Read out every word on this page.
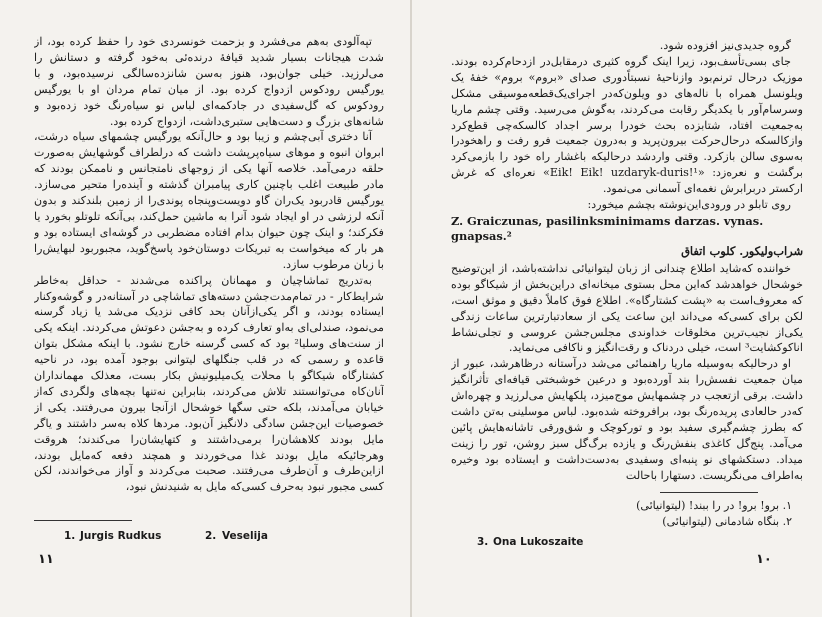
تپه‌آلودی به‌هم می‌فشرد و بزحمت خونسردی خود را حفظ کرده بود، از شدت هیجانات بسیار شدید قیافهٔ درنده‌ئی به‌خود گرفته و دستانش را می‌لرزید. خیلی جوان‌بود، هنوز به‌سن شانزده‌سالگی نرسیده‌بود، و با یورگیس رودکوس ازدواج کرده بود. از میان تمام مردان او با یورگیس رودکوس که گل‌سفیدی در جادکمه‌ای لباس نو سیاه‌رنگ خود زده‌بود و شانه‌های بزرگ و دست‌هایی ستبری‌داشت، ازدواج کرده بود.

آنا دختری آبی‌چشم و زیبا بود و حال‌آنکه یورگیس چشمهای سیاه درشت، ابروان انبوه و موهای سیاه‌پرپشت داشت که درلطراف گوشهایش به‌صورت حلقه درمی‌آمد. خلاصه آنها یکی از زوجهای نامتجانس و ناممکن بودند که مادر طبیعت اغلب باچنین کاری پیامبران گذشته و آینده‌را متحیر می‌سازد. یورگیس قادربود یک‌ران گاو دویست‌وپنجاه پوندی‌را از زمین بلندکند و بدون آنکه لرزشی در او ایجاد شود آنرا به ماشین حمل‌کند، بی‌آنکه تلوتلو بخورد یا فکرکند؛ و اینک چون حیوان بدام افتاده مضطربی در گوشه‌ای ایستاده بود و هر بار که میخواست به تبریکات دوستان‌خود پاسخ‌گوید، مجبوربود لبهایش‌را با زبان مرطوب سازد.

به‌تدریج تماشاچیان و مهمانان پراکنده می‌شدند - حداقل به‌خاطر شرایط‌کار - در تمام‌مدت‌جشن دسته‌های تماشاچی در آستانه‌در و گوشه‌وکنار ایستاده بودند، و اگر یکی‌ازآنان بحد کافی نزدیک می‌شد یا زیاد گرسنه می‌نمود، صندلی‌ای به‌او تعارف کرده و به‌جشن دعوتش می‌کردند. اینکه یکی از سنت‌های وسلیا² بود که کسی گرسنه خارج نشود. با اینکه مشکل بتوان قاعده و رسمی که در قلب جنگلهای لیتوانی بوجود آمده بود، در ناحیه کشتارگاه شیکاگو با محلات یک‌میلیونیش بکار بست، معذلک مهمانداران آنان‌کاه می‌توانستند تلاش می‌کردند، بنابراین نه‌تنها بچه‌های ولگردی که‌از خیابان می‌آمدند، بلکه حتی سگها خوشحال ازآنجا بیرون می‌رفتند. یکی از خصوصیات این‌جشن سادگی دلانگیز آن‌بود. مردها کلاه به‌سر داشتند و یاگر مایل بودند کلاهشان‌را برمی‌داشتند و کتهایشان‌را می‌کندند؛ هروقت وهرجائیکه مایل بودند غذا می‌خوردند و همچند دفعه که‌مایل بودند، ازاین‌طرف و آن‌طرف می‌رفتند. صحبت می‌کردند و آواز می‌خواندند، لکن کسی مجبور نبود به‌حرف کسی‌که مایل به شنیدنش نبود،

1. Jurgis Rudkus	2. Veselija
۱۱

گروه جدیدی‌نیز افزوده شود.

جای بسی‌تأسف‌بود، زیرا اینک گروه کثیری درمقابل‌در ازدحام‌کرده بودند. موزیک درحال ترنم‌بود وازناحیهٔ نسبتاًدوری صدای «بروم» بروم» خفهٔ یک ویلونسل همراه با ناله‌های دو ویلون‌که‌در اجرای‌یک‌قطعه‌موسیقی مشکل وسرسام‌آور با یکدیگر رقابت می‌کردند، به‌گوش می‌رسید. وقتی چشم ماریا به‌جمعیت افتاد، شتابزده بحث خودرا برسر اجداد کالسکه‌چی قطع‌کرد وازکالسکه درحال‌حرکت بیرون‌پرید و به‌درون جمعیت فرو رفت و راهخودرا به‌سوی سالن بازکرد. وقتی واردشد درحالیکه باغشار راه خود را بازمی‌کرد برگشت و نعره‌زد: «Eik! Eik! uzdaryk-duris!¹» نعره‌ای که غرش ارکستر دربرابرش نغمه‌ای آسمانی می‌نمود.

روی تابلو در ورودی‌این‌نوشته بچشم میخورد:

Z. Graiczunas, pasilinksminimams darzas. vynas. gnapsas.²

شراب‌ولیکور. کلوب اتفاق

خواننده که‌شاید اطلاع چندانی از زبان لیتوانیائی نداشته‌باشد، از این‌توضیح خوشحال خواهدشد که‌این محل بستوی میخانه‌ای دراین‌بخش از شیکاگو بوده که معروف‌است به «پشت کشتارگاه». اطلاع فوق کاملاً دقیق و موثق است، لکن برای کسی‌که می‌داند این ساعت یکی از سعادتبارترین ساعات زندگی یکی‌از نجیب‌ترین مخلوقات خداوندی مجلس‌جشن عروسی و تجلی‌نشاط اناکوکشایت³ است، خیلی دردناک و رقت‌انگیز و ناکافی می‌نماید.

او درحالیکه به‌وسیله ماریا راهنمائی می‌شد درآستانه درظاهرشد، عبور از میان جمعیت نفسش‌را بند آورده‌بود و درعین خوشبختی قیافه‌ای تأثرانگیز داشت. برقی ازتعجب در چشمهایش موج‌میزد، پلکهایش می‌لرزید و چهره‌اش که‌در حالعادی پریده‌رنگ بود، برافروخته شده‌بود. لباس موسلینی به‌تن داشت که بطرز چشم‌گیری سفید بود و تورکوچک و شق‌ورقی تاشانه‌هایش پائین می‌آمد. پنج‌گل کاغذی بنفش‌رنگ و یازده برگ‌گل سبز روشن، تور را زینت میداد. دستکشهای نو پنبه‌ای وسفیدی به‌دست‌داشت و ایستاده بود وخیره به‌اطراف می‌نگریست. دستهارا باحالت

۱. برو! برو! در را ببند! (لیتوانیائی)
۲. بنگاه شادمانی (لیتوانیائی)
3. Ona Lukoszaite
۱۰
